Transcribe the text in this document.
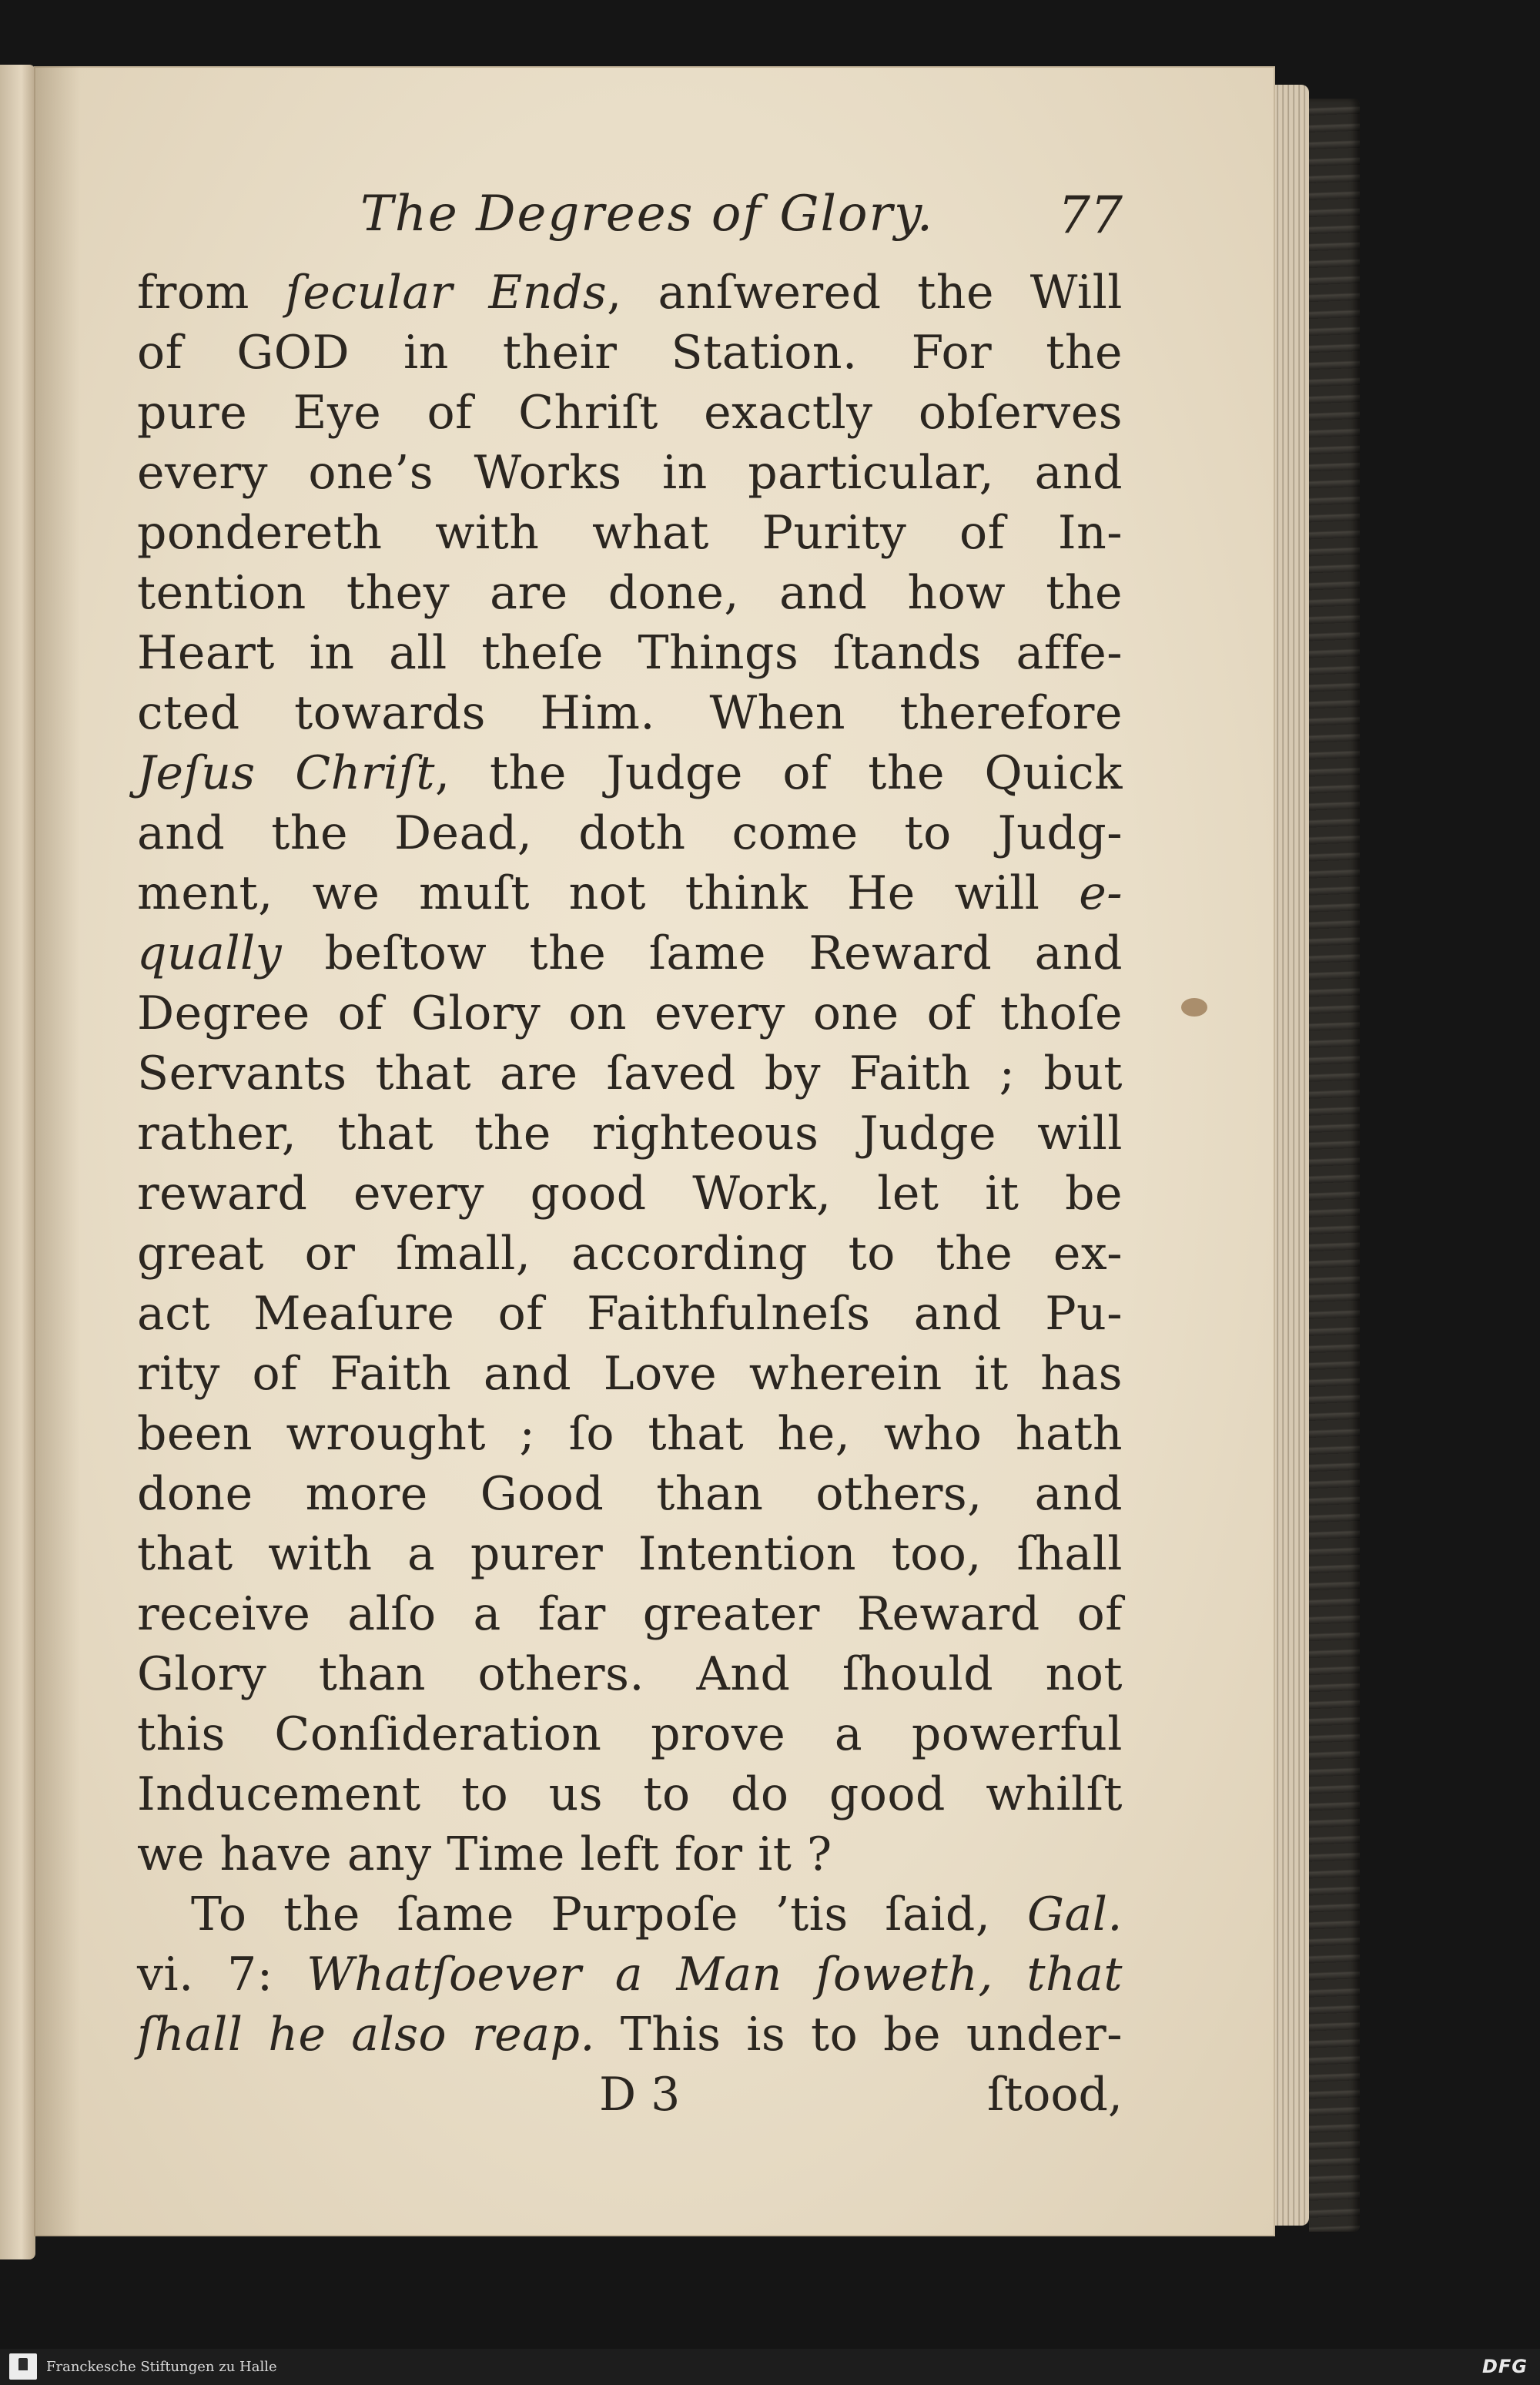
The Degrees of Glory. 77
from ſecular Ends, anſwered the Will
of GOD in their Station. For the
pure Eye of Chriſt exactly obſerves
every one’s Works in particular, and
pondereth with what Purity of In-
tention they are done, and how the
Heart in all theſe Things ſtands affe-
cted towards Him. When therefore
Jeſus Chriſt, the Judge of the Quick
and the Dead, doth come to Judg-
ment, we muſt not think He will e-
qually beſtow the ſame Reward and
Degree of Glory on every one of thoſe
Servants that are ſaved by Faith ; but
rather, that the righteous Judge will
reward every good Work, let it be
great or ſmall, according to the ex-
act Meaſure of Faithfulneſs and Pu-
rity of Faith and Love wherein it has
been wrought ; ſo that he, who hath
done more Good than others, and
that with a purer Intention too, ſhall
receive alſo a far greater Reward of
Glory than others. And ſhould not
this Conſideration prove a powerful
Inducement to us to do good whilſt
we have any Time left for it ?
To the ſame Purpoſe ’tis ſaid, Gal.
vi. 7: Whatſoever a Man ſoweth, that
ſhall he also reap. This is to be under-
D 3	ſtood,
Franckesche Stiftungen zu Halle	DFG
